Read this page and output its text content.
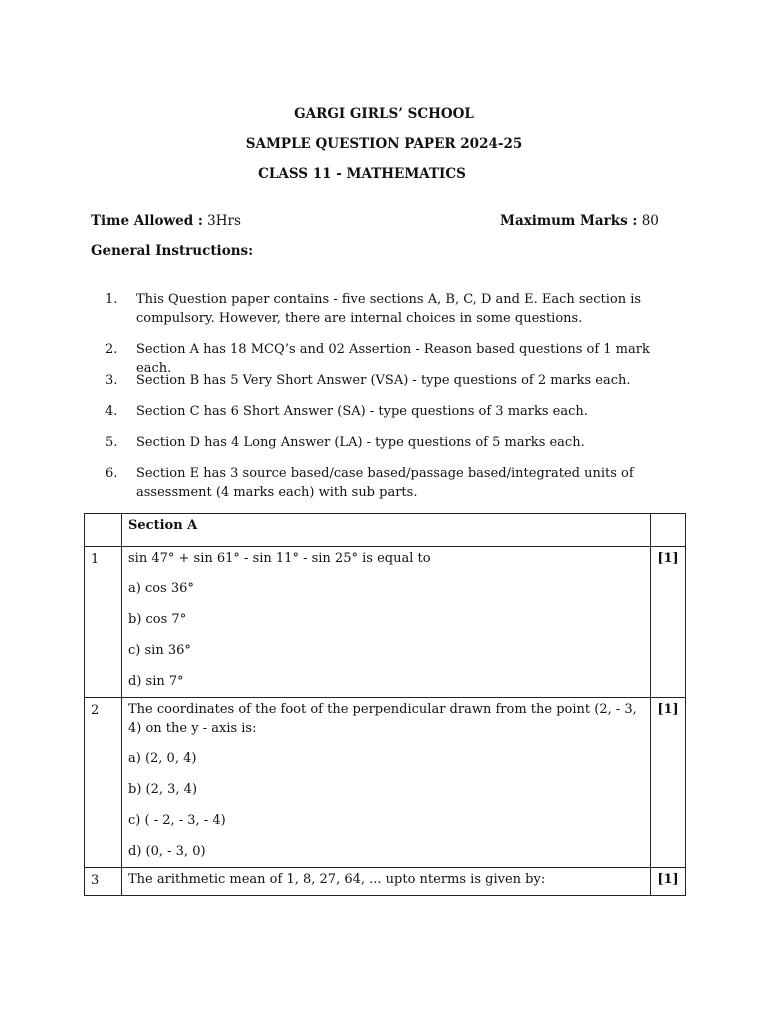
GARGI GIRLS’ SCHOOL
SAMPLE QUESTION PAPER 2024-25
CLASS 11 - MATHEMATICS
Time Allowed : 3Hrs	Maximum Marks : 80
General Instructions:
1. This Question paper contains - five sections A, B, C, D and E. Each section is compulsory. However, there are internal choices in some questions.
2. Section A has 18 MCQ’s and 02 Assertion - Reason based questions of 1 mark each.
3. Section B has 5 Very Short Answer (VSA) - type questions of 2 marks each.
4. Section C has 6 Short Answer (SA) - type questions of 3 marks each.
5. Section D has 4 Long Answer (LA) - type questions of 5 marks each.
6. Section E has 3 source based/case based/passage based/integrated units of assessment (4 marks each) with sub parts.
	Section A	
1	sin 47° + sin 61° - sin 11° - sin 25° is equal to
a) cos 36°
b) cos 7°
c) sin 36°
d) sin 7°	[1]
2	The coordinates of the foot of the perpendicular drawn from the point (2, - 3, 4) on the y - axis is:
a) (2, 0, 4)
b) (2, 3, 4)
c) ( - 2, - 3, - 4)
d) (0, - 3, 0)	[1]
3	The arithmetic mean of 1, 8, 27, 64, ... upto nterms is given by:	[1]
